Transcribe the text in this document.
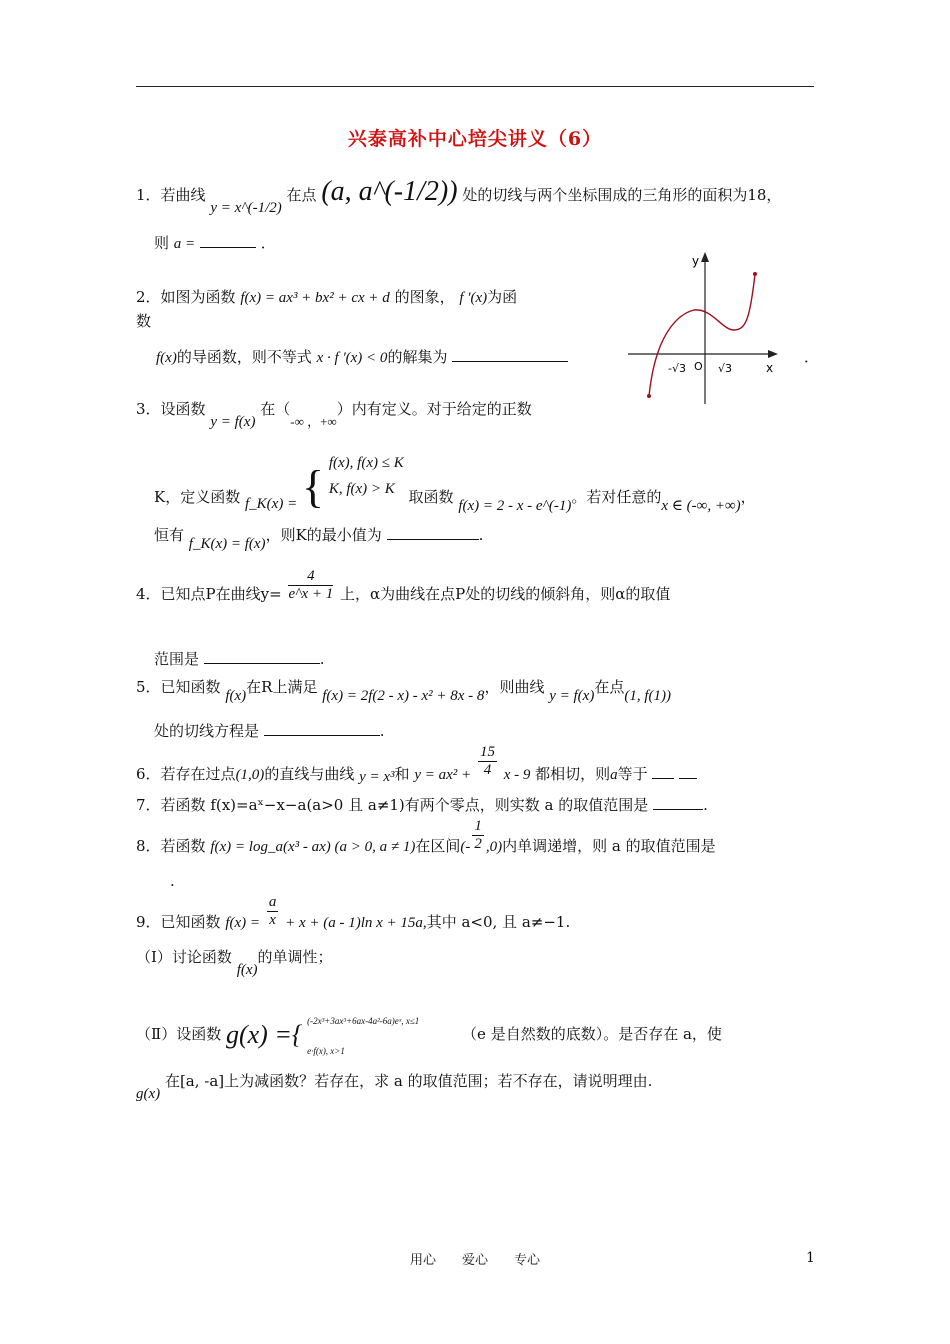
兴泰高补中心培尖讲义（6）
1．若曲线 y = x^(-1/2) 在点 (a, a^(-1/2)) 处的切线与两个坐标围成的三角形的面积为18，
则 a =	．
2．如图为函数 f(x) = ax³ + bx² + cx + d 的图象， f '(x)为函
数
f(x)的导函数，则不等式 x · f '(x) < 0的解集为	．
y
x
O
-√3	√3
3．设函数 y = f(x) 在（-∞ ，+∞）内有定义。对于给定的正数
K，定义函数 f_K(x) = { f(x), f(x) ≤ K
K, f(x) > K 取函数 f(x) = 2 - x - e^(-1)。若对任意的x ∈ (-∞, +∞)，
恒有 f_K(x) = f(x)，则K的最小值为	.
4．已知点P在曲线$y= \frac{4}{e\^{}x + 1}$ 上，α为曲线在点P处的切线的倾斜角，则α的取值
范围是	.
5．已知函数 f(x)在R上满足 f(x) = 2f(2 - x) - x² + 8x - 8，则曲线 y = f(x)在点(1, f(1))
处的切线方程是	.
6．若存在过点(1,0)的直线与曲线 y = x³和 $y = ax^2 + \frac{15}{4}$ x - 9 都相切，则a等于
7．若函数 f(x)=aˣ−x−a(a>0 且 a≠1)有两个零点，则实数 a 的取值范围是	.
8．若函数 f(x) = log_a(x³ - ax) (a > 0, a ≠ 1)在区间(- $\frac{1}{2} ,0$)内单调递增，则 a 的取值范围是
.
9．已知函数 $f(x) = \frac{a}{x} + x + (a - 1)\ln$ x + 15a,其中 a<0, 且 a≠−1.
（Ⅰ）讨论函数 f(x)的单调性；
（Ⅱ）设函数 g(x) ={ (-2x³+3ax³+6ax-4a²-6a)eˣ, x≤1
e·f(x), x>1
（e 是自然数的底数）。是否存在 a，使
g(x) 在[a, -a]上为减函数？若存在，求 a 的取值范围；若不存在，请说明理由.
用心　　爱心　　专心	1
